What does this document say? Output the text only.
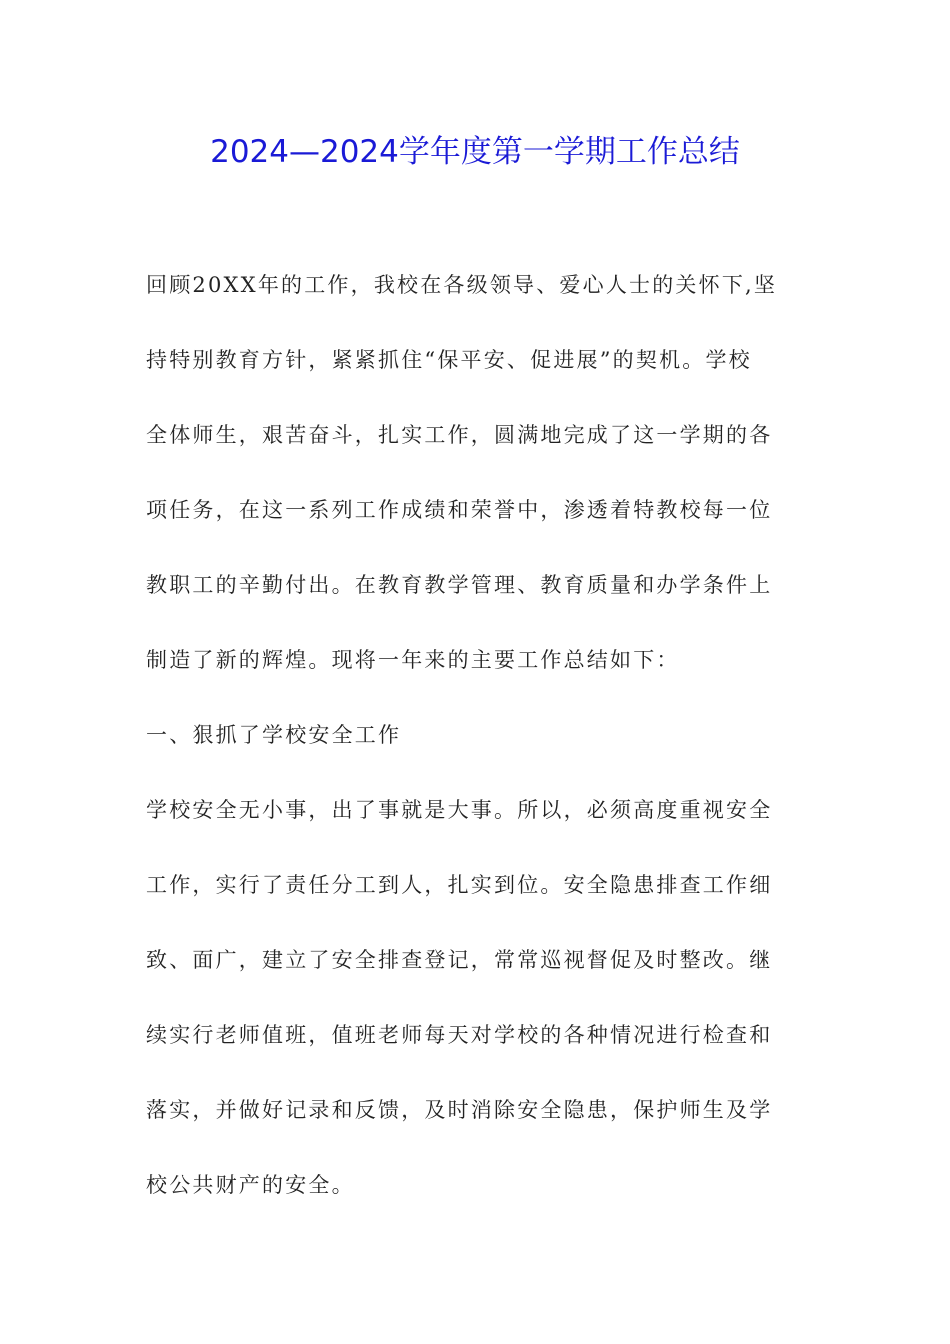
2024—2024学年度第一学期工作总结
回顾20XX年的工作，我校在各级领导、爱心人士的关怀下,坚
持特别教育方针，紧紧抓住“保平安、促进展”的契机。学校
全体师生，艰苦奋斗，扎实工作，圆满地完成了这一学期的各
项任务，在这一系列工作成绩和荣誉中，渗透着特教校每一位
教职工的辛勤付出。在教育教学管理、教育质量和办学条件上
制造了新的辉煌。现将一年来的主要工作总结如下：
一、狠抓了学校安全工作
学校安全无小事，出了事就是大事。所以，必须高度重视安全
工作，实行了责任分工到人，扎实到位。安全隐患排查工作细
致、面广，建立了安全排查登记，常常巡视督促及时整改。继
续实行老师值班，值班老师每天对学校的各种情况进行检查和
落实，并做好记录和反馈，及时消除安全隐患，保护师生及学
校公共财产的安全。
